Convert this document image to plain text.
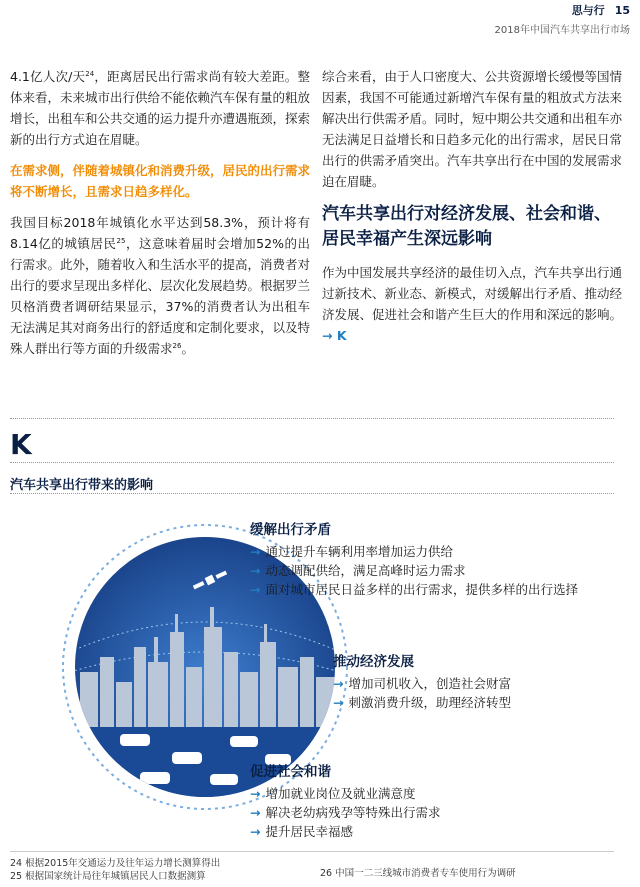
思与行 15
2018年中国汽车共享出行市场

4.1亿人次/天$^{24}$，距离居民出行需求尚有较大差距。整体来看，未来城市出行供给不能依赖汽车保有量的粗放增长，出租车和公共交通的运力提升亦遭遇瓶颈，探索新的出行方式迫在眉睫。

在需求侧，伴随着城镇化和消费升级，居民的出行需求将不断增长，且需求日趋多样化。

我国目标2018年城镇化水平达到58.3%，预计将有8.14亿的城镇居民$^{25}$，这意味着届时会增加52%的出行需求。此外，随着收入和生活水平的提高，消费者对出行的要求呈现出多样化、层次化发展趋势。根据罗兰贝格消费者调研结果显示，37%的消费者认为出租车无法满足其对商务出行的舒适度和定制化要求，以及特殊人群出行等方面的升级需求$^{26}$。

综合来看，由于人口密度大、公共资源增长缓慢等国情因素，我国不可能通过新增汽车保有量的粗放式方法来解决出行供需矛盾。同时，短中期公共交通和出租车亦无法满足日益增长和日趋多元化的出行需求，居民日常出行的供需矛盾突出。汽车共享出行在中国的发展需求迫在眉睫。

汽车共享出行对经济发展、社会和谐、居民幸福产生深远影响

作为中国发展共享经济的最佳切入点，汽车共享出行通过新技术、新业态、新模式，对缓解出行矛盾、推动经济发展、促进社会和谐产生巨大的作用和深远的影响。 → K

K
汽车共享出行带来的影响
缓解出行矛盾
→ 通过提升车辆利用率增加运力供给
→ 动态调配供给，满足高峰时运力需求
→ 面对城市居民日益多样的出行需求，提供多样的出行选择
推动经济发展
→ 增加司机收入，创造社会财富
→ 刺激消费升级，助理经济转型
促进社会和谐
→ 增加就业岗位及就业满意度
→ 解决老幼病残孕等特殊出行需求
→ 提升居民幸福感
24 根据2015年交通运力及往年运力增长测算得出
25 根据国家统计局往年城镇居民人口数据测算	26 中国一二三线城市消费者专车使用行为调研
